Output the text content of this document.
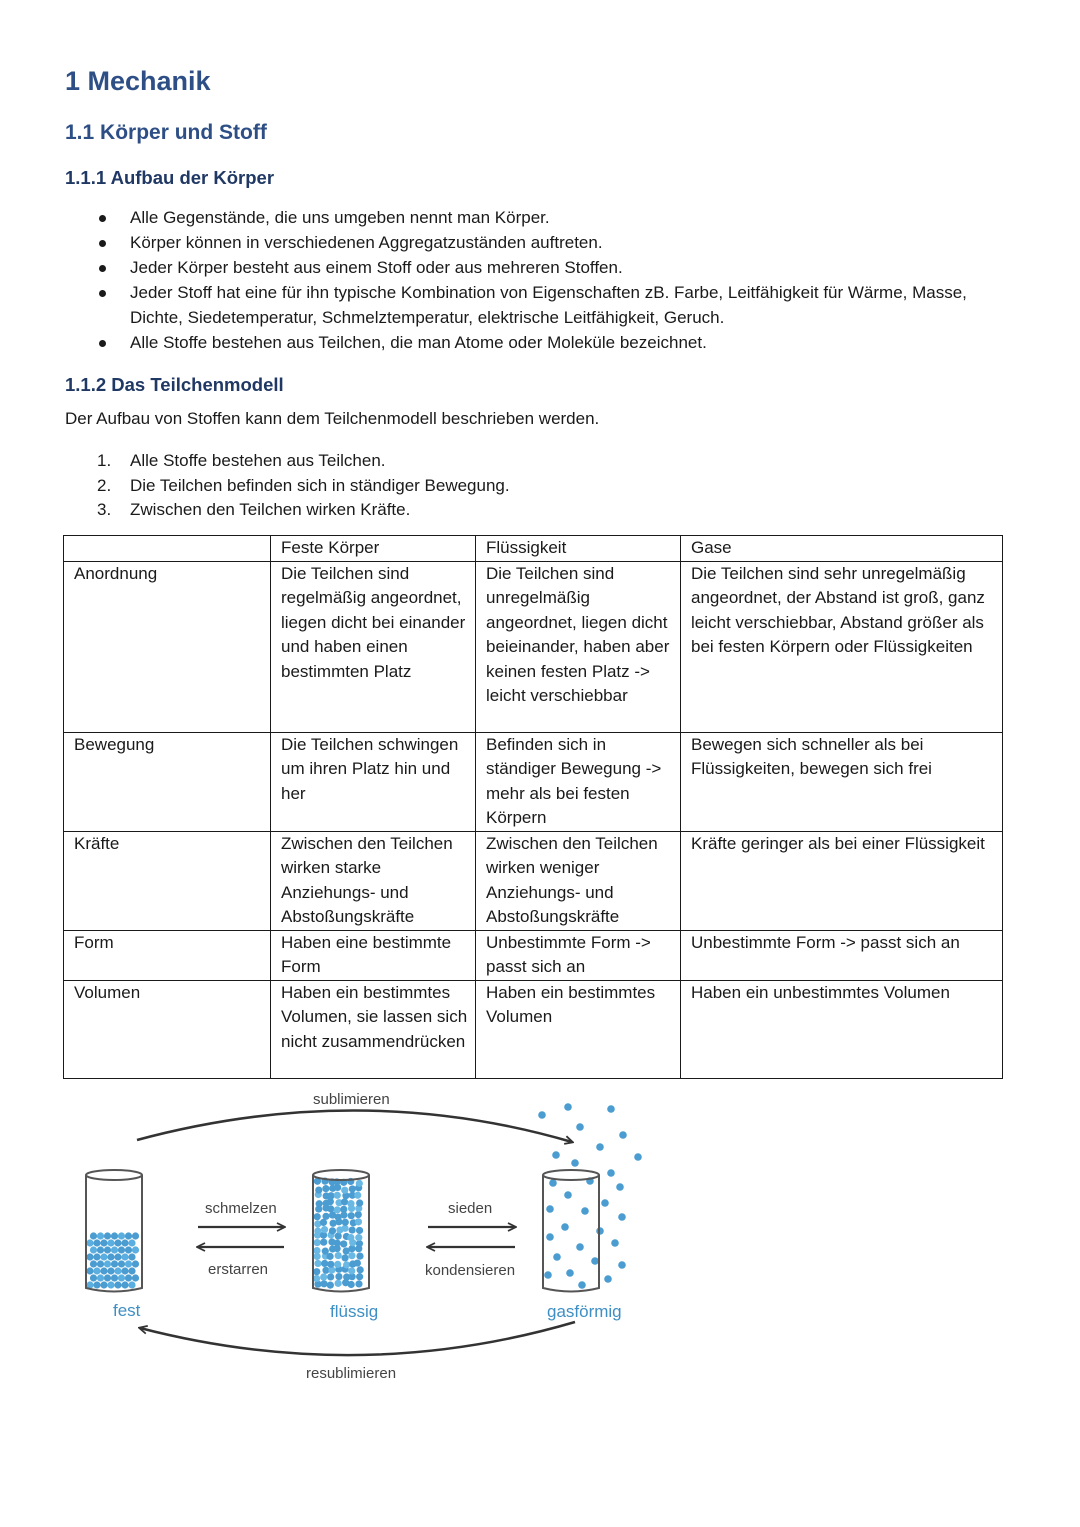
1 Mechanik
1.1 Körper und Stoff
1.1.1 Aufbau der Körper
Alle Gegenstände, die uns umgeben nennt man Körper.
Körper können in verschiedenen Aggregatzuständen auftreten.
Jeder Körper besteht aus einem Stoff oder aus mehreren Stoffen.
Jeder Stoff hat eine für ihn typische Kombination von Eigenschaften zB. Farbe, Leitfähigkeit für Wärme, Masse, Dichte, Siedetemperatur, Schmelztemperatur, elektrische Leitfähigkeit, Geruch.
Alle Stoffe bestehen aus Teilchen, die man Atome oder Moleküle bezeichnet.
1.1.2 Das Teilchenmodell

Der Aufbau von Stoffen kann dem Teilchenmodell beschrieben werden.

1.	Alle Stoffe bestehen aus Teilchen.
2.	Die Teilchen befinden sich in ständiger Bewegung.
3.	Zwischen den Teilchen wirken Kräfte.
	Feste Körper	Flüssigkeit	Gase
Anordnung	Die Teilchen sind regelmäßig angeordnet, liegen dicht bei einander und haben einen bestimmten Platz	Die Teilchen sind unregelmäßig angeordnet, liegen dicht beieinander, haben aber keinen festen Platz -> leicht verschiebbar	Die Teilchen sind sehr unregelmäßig angeordnet, der Abstand ist groß, ganz leicht verschiebbar, Abstand größer als bei festen Körpern oder Flüssigkeiten
Bewegung	Die Teilchen schwingen um ihren Platz hin und her	Befinden sich in ständiger Bewegung -> mehr als bei festen Körpern	Bewegen sich schneller als bei Flüssigkeiten, bewegen sich frei
Kräfte	Zwischen den Teilchen wirken starke Anziehungs- und Abstoßungskräfte	Zwischen den Teilchen wirken weniger Anziehungs- und Abstoßungskräfte	Kräfte geringer als bei einer Flüssigkeit
Form	Haben eine bestimmte Form	Unbestimmte Form -> passt sich an	Unbestimmte Form -> passt sich an
Volumen	Haben ein bestimmtes Volumen, sie lassen sich nicht zusammendrücken	Haben ein bestimmtes Volumen	Haben ein unbestimmtes Volumen
sublimieren
resublimieren
schmelzen
erstarren
sieden
kondensieren
fest	flüssig	gasförmig
